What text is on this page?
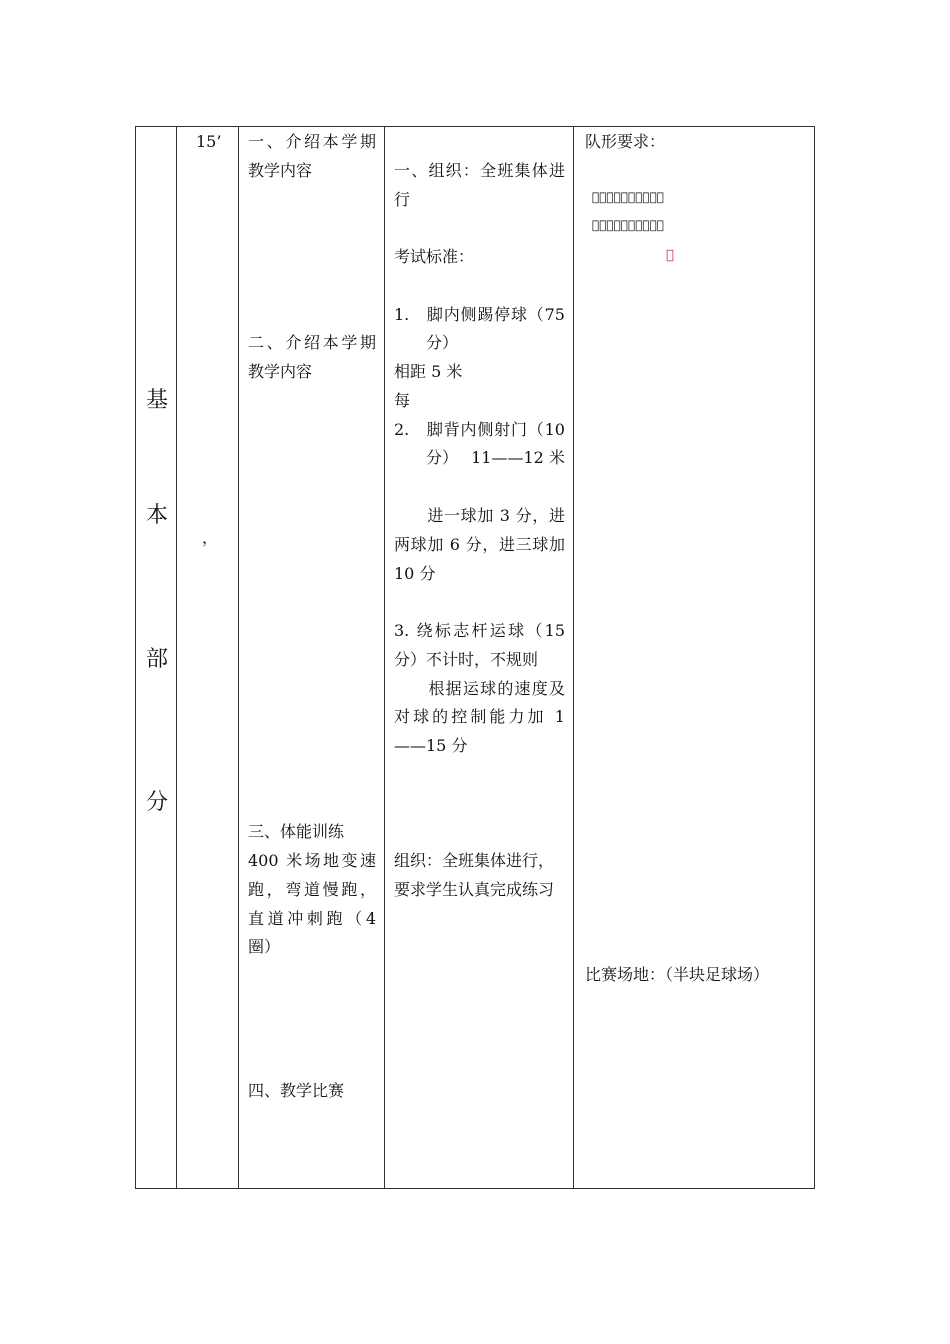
基
本
部
分
15’
，
一、介绍本学期
教学内容
二、介绍本学期
教学内容
三、体能训练
400 米场地变速
跑，弯道慢跑，
直道冲刺跑（4
圈）
四、教学比赛
一、组织：全班集体进
行
考试标准：
1.　脚内侧踢停球（75
　　分）
相距 5 米
每
2.　脚背内侧射门（10
　　分）　 11——12 米
　　进一球加 3 分，进
两球加 6 分，进三球加
10 分
3. 绕标志杆运球（15
分）不计时，不规则
　　根据运球的速度及
对球的控制能力加 1
——15 分
组织：全班集体进行，
要求学生认真完成练习
队形要求：
􀀀􀀀􀀀􀀀􀀀􀀀􀀀􀀀􀀀􀀀
􀀀􀀀􀀀􀀀􀀀􀀀􀀀􀀀􀀀􀀀
􀀀
比赛场地：（半块足球场）
